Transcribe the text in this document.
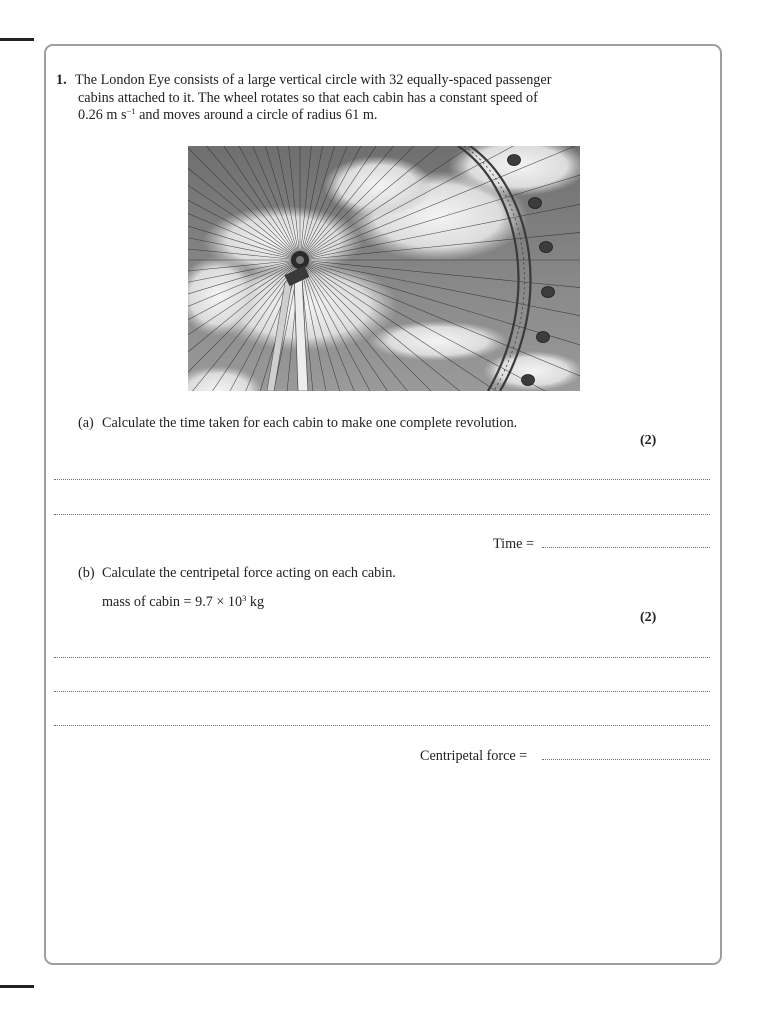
1. The London Eye consists of a large vertical circle with 32 equally-spaced passenger
cabins attached to it. The wheel rotates so that each cabin has a constant speed of
0.26 m $s^{-1}$ and moves around a circle of radius 61 m.
(a) Calculate the time taken for each cabin to make one complete revolution.
(2)
Time =
(b) Calculate the centripetal force acting on each cabin.
mass of cabin = $9.7 \times 10^3$ kg
(2)
Centripetal force =
